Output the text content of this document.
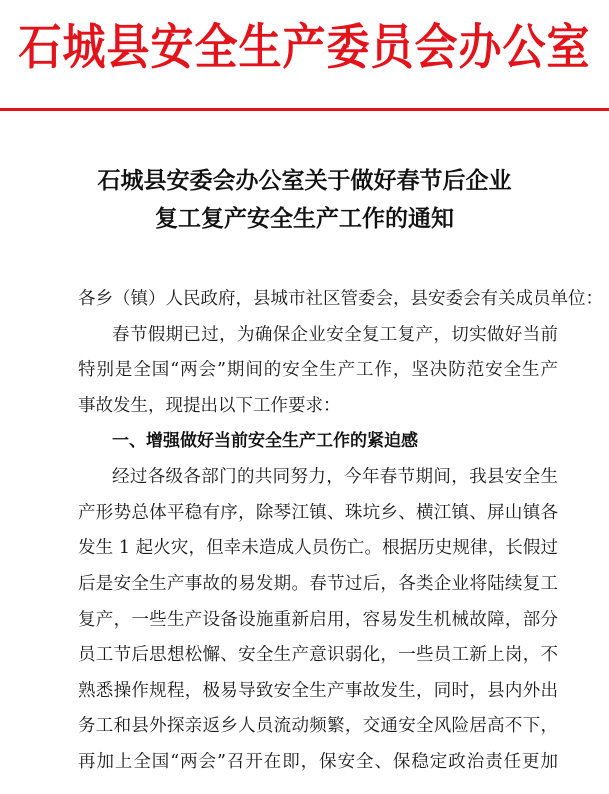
石城县安全生产委员会办公室
石城县安委会办公室关于做好春节后企业
复工复产安全生产工作的通知
各乡（镇）人民政府，县城市社区管委会，县安委会有关成员单位：
春节假期已过，为确保企业安全复工复产，切实做好当前
特别是全国“两会”期间的安全生产工作，坚决防范安全生产
事故发生，现提出以下工作要求：
一、增强做好当前安全生产工作的紧迫感
经过各级各部门的共同努力，今年春节期间，我县安全生
产形势总体平稳有序，除琴江镇、珠坑乡、横江镇、屏山镇各
发生 1 起火灾，但幸未造成人员伤亡。根据历史规律，长假过
后是安全生产事故的易发期。春节过后，各类企业将陆续复工
复产，一些生产设备设施重新启用，容易发生机械故障，部分
员工节后思想松懈、安全生产意识弱化，一些员工新上岗，不
熟悉操作规程，极易导致安全生产事故发生，同时，县内外出
务工和县外探亲返乡人员流动频繁，交通安全风险居高不下，
再加上全国“两会”召开在即，保安全、保稳定政治责任更加
